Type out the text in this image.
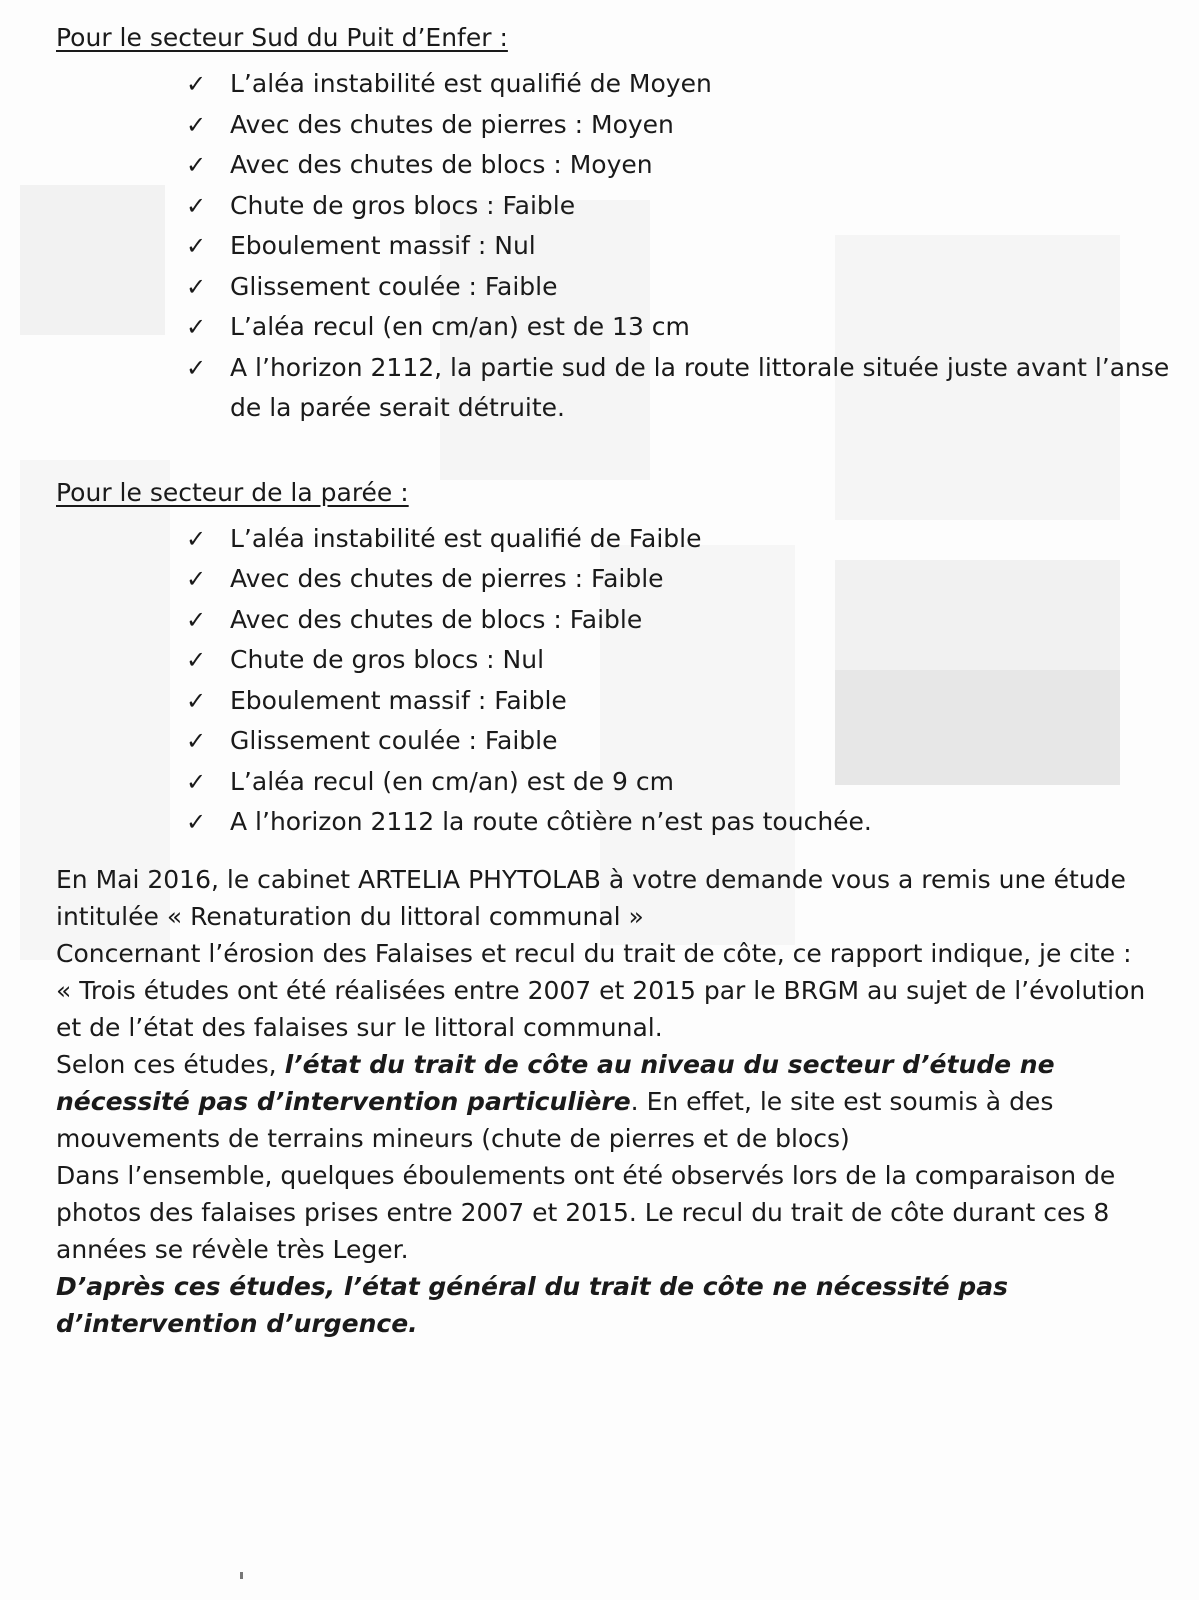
Pour le secteur Sud du Puit d’Enfer :
✓ L’aléa instabilité est qualifié de Moyen
✓ Avec des chutes de pierres : Moyen
✓ Avec des chutes de blocs : Moyen
✓ Chute de gros blocs : Faible
✓ Eboulement massif : Nul
✓ Glissement coulée : Faible
✓ L’aléa recul (en cm/an) est de 13 cm
✓ A l’horizon 2112, la partie sud de la route littorale située juste avant l’anse de la parée serait détruite.
Pour le secteur de la parée :
✓ L’aléa instabilité est qualifié de Faible
✓ Avec des chutes de pierres : Faible
✓ Avec des chutes de blocs : Faible
✓ Chute de gros blocs : Nul
✓ Eboulement massif : Faible
✓ Glissement coulée : Faible
✓ L’aléa recul (en cm/an) est de 9 cm
✓ A l’horizon 2112 la route côtière n’est pas touchée.

En Mai 2016, le cabinet ARTELIA PHYTOLAB à votre demande vous a remis une étude intitulée « Renaturation du littoral communal »

Concernant l’érosion des Falaises et recul du trait de côte, ce rapport indique, je cite :

« Trois études ont été réalisées entre 2007 et 2015 par le BRGM au sujet de l’évolution et de l’état des falaises sur le littoral communal.

Selon ces études, l’état du trait de côte au niveau du secteur d’étude ne nécessité pas d’intervention particulière. En effet, le site est soumis à des mouvements de terrains mineurs (chute de pierres et de blocs)

Dans l’ensemble, quelques éboulements ont été observés lors de la comparaison de photos des falaises prises entre 2007 et 2015. Le recul du trait de côte durant ces 8 années se révèle très Leger.

D’après ces études, l’état général du trait de côte ne nécessité pas d’intervention d’urgence.
